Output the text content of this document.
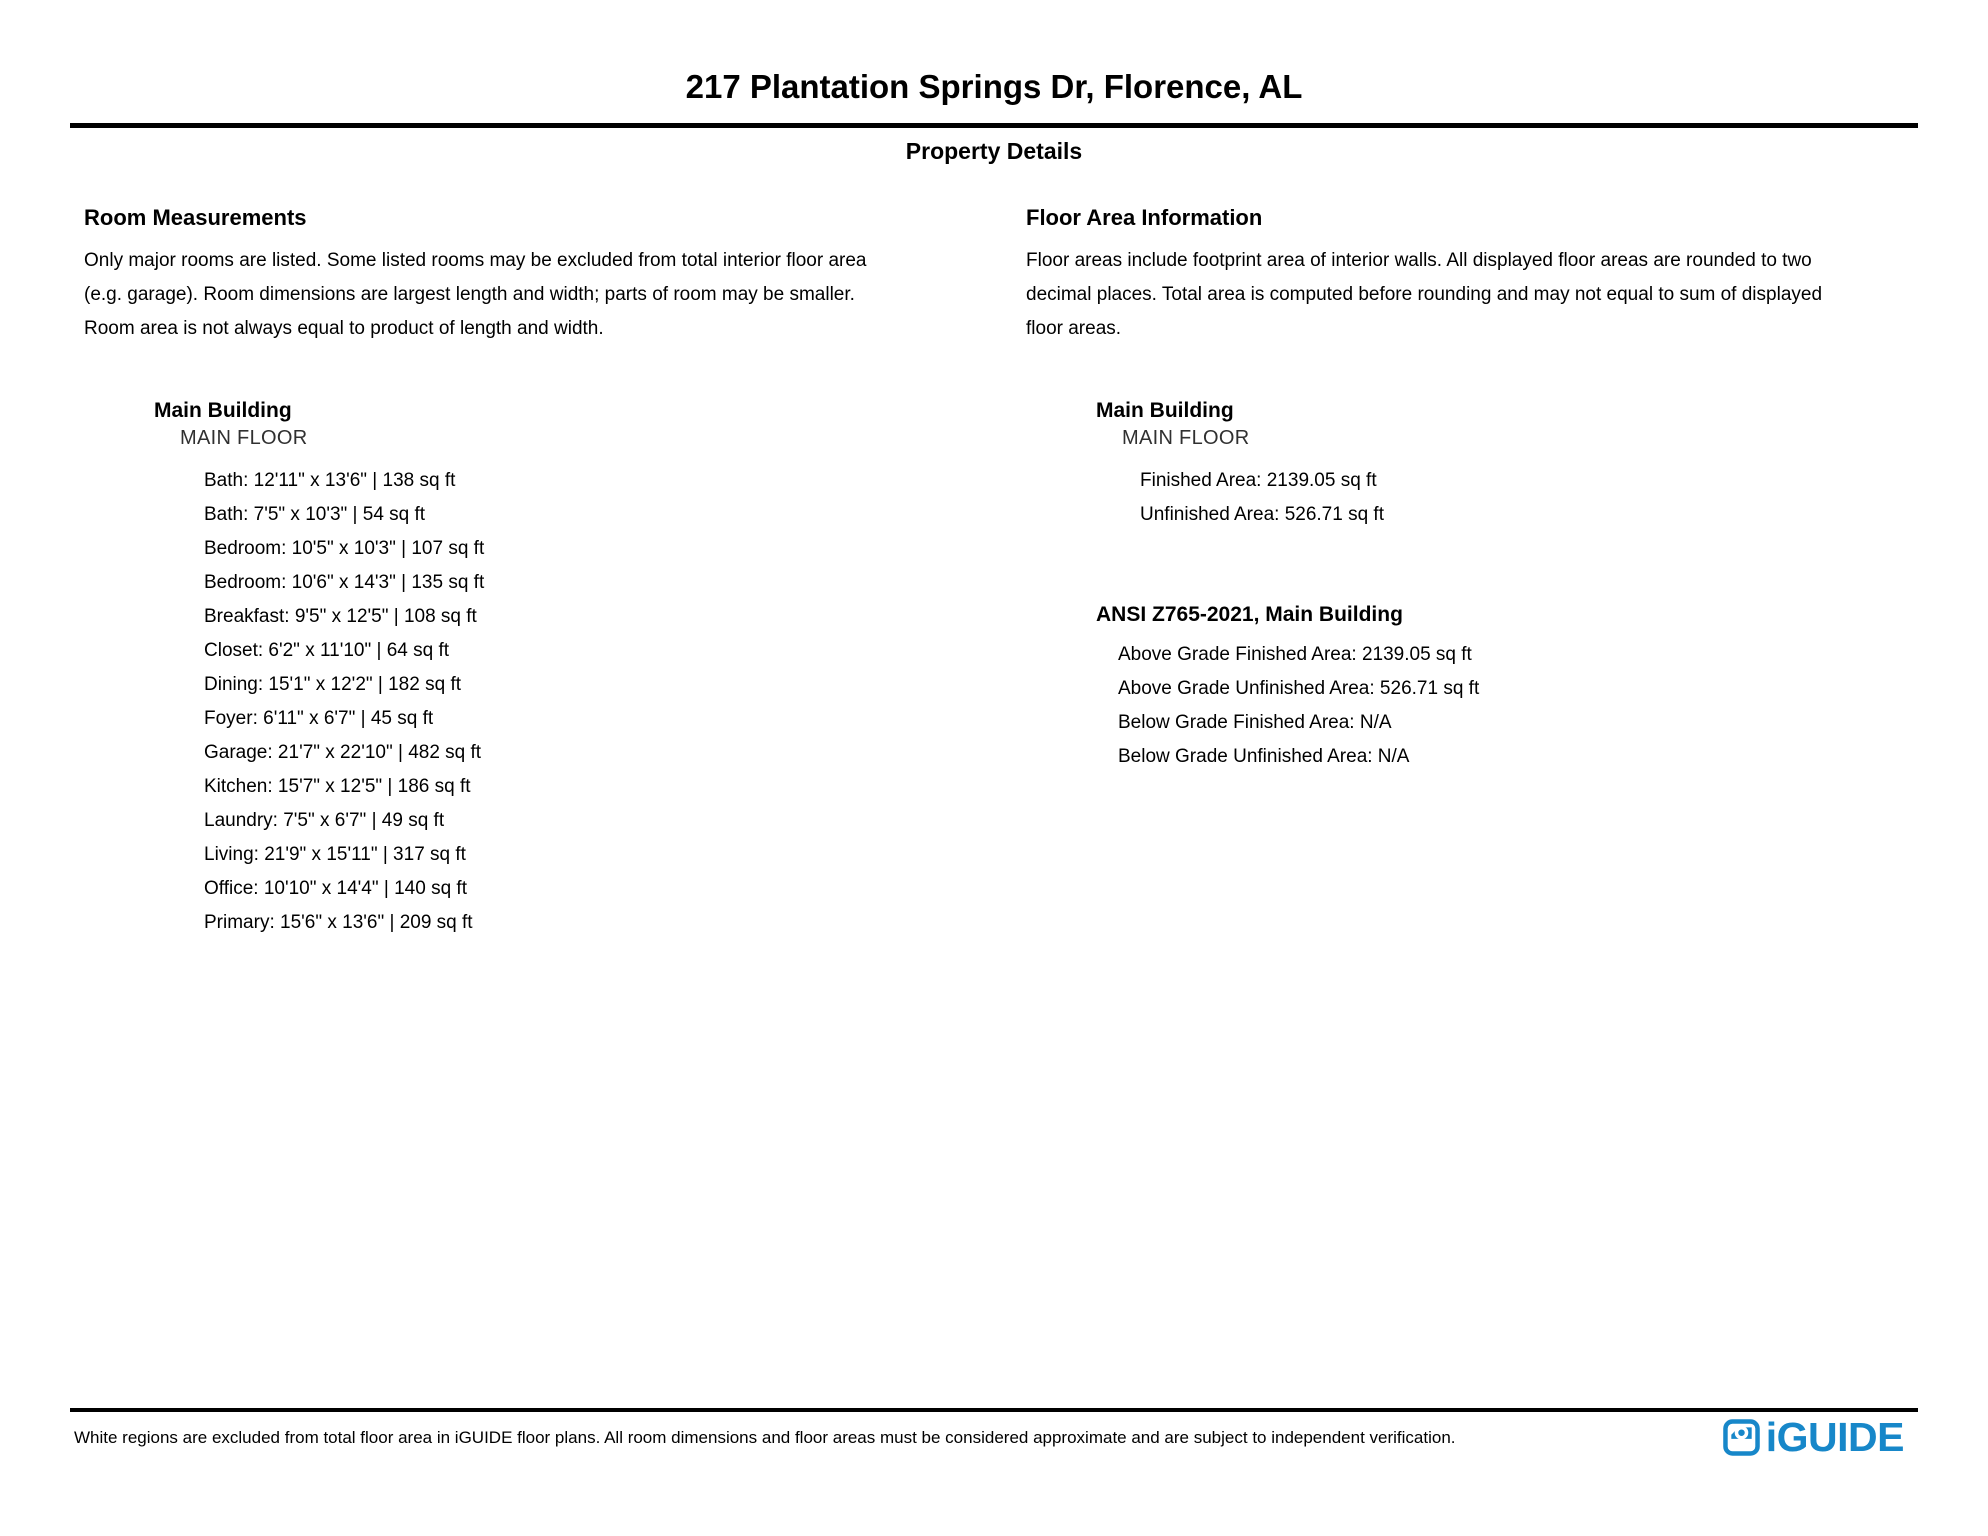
217 Plantation Springs Dr, Florence, AL
Property Details
Room Measurements
Only major rooms are listed. Some listed rooms may be excluded from total interior floor area
(e.g. garage). Room dimensions are largest length and width; parts of room may be smaller.
Room area is not always equal to product of length and width.
Main Building
MAIN FLOOR
Bath: 12'11" x 13'6" | 138 sq ft
Bath: 7'5" x 10'3" | 54 sq ft
Bedroom: 10'5" x 10'3" | 107 sq ft
Bedroom: 10'6" x 14'3" | 135 sq ft
Breakfast: 9'5" x 12'5" | 108 sq ft
Closet: 6'2" x 11'10" | 64 sq ft
Dining: 15'1" x 12'2" | 182 sq ft
Foyer: 6'11" x 6'7" | 45 sq ft
Garage: 21'7" x 22'10" | 482 sq ft
Kitchen: 15'7" x 12'5" | 186 sq ft
Laundry: 7'5" x 6'7" | 49 sq ft
Living: 21'9" x 15'11" | 317 sq ft
Office: 10'10" x 14'4" | 140 sq ft
Primary: 15'6" x 13'6" | 209 sq ft
Floor Area Information
Floor areas include footprint area of interior walls. All displayed floor areas are rounded to two
decimal places. Total area is computed before rounding and may not equal to sum of displayed
floor areas.
Main Building
MAIN FLOOR
Finished Area: 2139.05 sq ft
Unfinished Area: 526.71 sq ft
ANSI Z765-2021, Main Building
Above Grade Finished Area: 2139.05 sq ft
Above Grade Unfinished Area: 526.71 sq ft
Below Grade Finished Area: N/A
Below Grade Unfinished Area: N/A
White regions are excluded from total floor area in iGUIDE floor plans. All room dimensions and floor areas must be considered approximate and are subject to independent verification.	iGUIDE
